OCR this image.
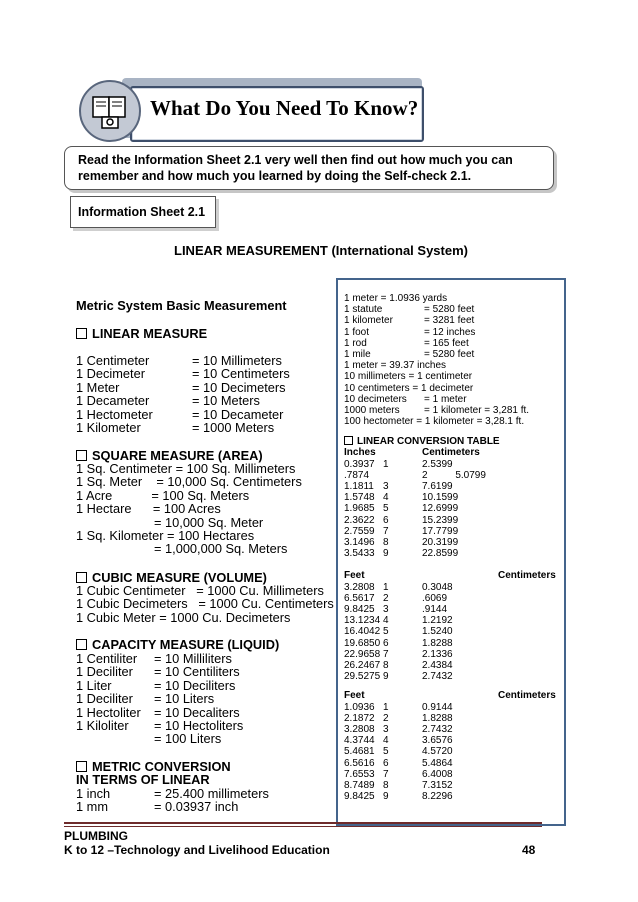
What Do You Need To Know?
Read the Information Sheet 2.1 very well then find out how much you can remember and how much you learned by doing the Self-check 2.1.
Information Sheet 2.1
LINEAR MEASUREMENT (International System)
Metric System Basic Measurement
LINEAR MEASURE
1 Centimeter	= 10 Millimeters
1 Decimeter	= 10 Centimeters
1 Meter	= 10 Decimeters
1 Decameter	= 10 Meters
1 Hectometer	= 10 Decameter
1 Kilometer	= 1000 Meters
SQUARE MEASURE (AREA)
1 Sq. Centimeter = 100 Sq. Millimeters
1 Sq. Meter    = 10,000 Sq. Centimeters
1 Acre           = 100 Sq. Meters
1 Hectare      = 100 Acres
= 10,000 Sq. Meter
1 Sq. Kilometer = 100 Hectares
= 1,000,000 Sq. Meters
CUBIC MEASURE (VOLUME)
1 Cubic Centimeter   = 1000 Cu. Millimeters
1 Cubic Decimeters   = 1000 Cu. Centimeters
1 Cubic Meter = 1000 Cu. Decimeters
CAPACITY MEASURE (LIQUID)
1 Centiliter = 10 Milliliters
1 Deciliter = 10 Centiliters
1 Liter	= 10 Deciliters
1 Deciliter = 10 Liters
1 Hectoliter = 10 Decaliters
1 Kiloliter = 10 Hectoliters
= 100 Liters
METRIC CONVERSION
IN TERMS OF LINEAR
1 inch	= 25.400 millimeters
1 mm	= 0.03937 inch
1 meter = 1.0936 yards
1 statute	= 5280 feet
1 kilometer	= 3281 feet
1 foot	= 12 inches
1 rod	= 165 feet
1 mile	= 5280 feet
1 meter = 39.37 inches
10 millimeters = 1 centimeter
10 centimeters = 1 decimeter
10 decimeters = 1 meter
1000 meters = 1 kilometer = 3,281 ft.
100 hectometer = 1 kilometer = 3,28.1 ft.
LINEAR CONVERSION TABLE
Inches	Centimeters
0.3937 1	2.5399
.7874	2          5.0799
1.1811 3	7.6199
1.5748 4	10.1599
1.9685 5	12.6999
2.3622 6	15.2399
2.7559 7	17.7799
3.1496 8	20.3199
3.5433 9	22.8599
Feet	Centimeters
3.2808 1	0.3048
6.5617 2	.6069
9.8425 3	.9144
13.1234 4	1.2192
16.4042 5	1.5240
19.6850 6	1.8288
22.9658 7	2.1336
26.2467 8	2.4384
29.5275 9	2.7432
Feet	Centimeters
1.0936 1	0.9144
2.1872 2	1.8288
3.2808 3	2.7432
4.3744 4	3.6576
5.4681 5	4.5720
6.5616 6	5.4864
7.6553 7	6.4008
8.7489 8	7.3152
9.8425 9	8.2296
PLUMBING
K to 12 –Technology and Livelihood Education	48
